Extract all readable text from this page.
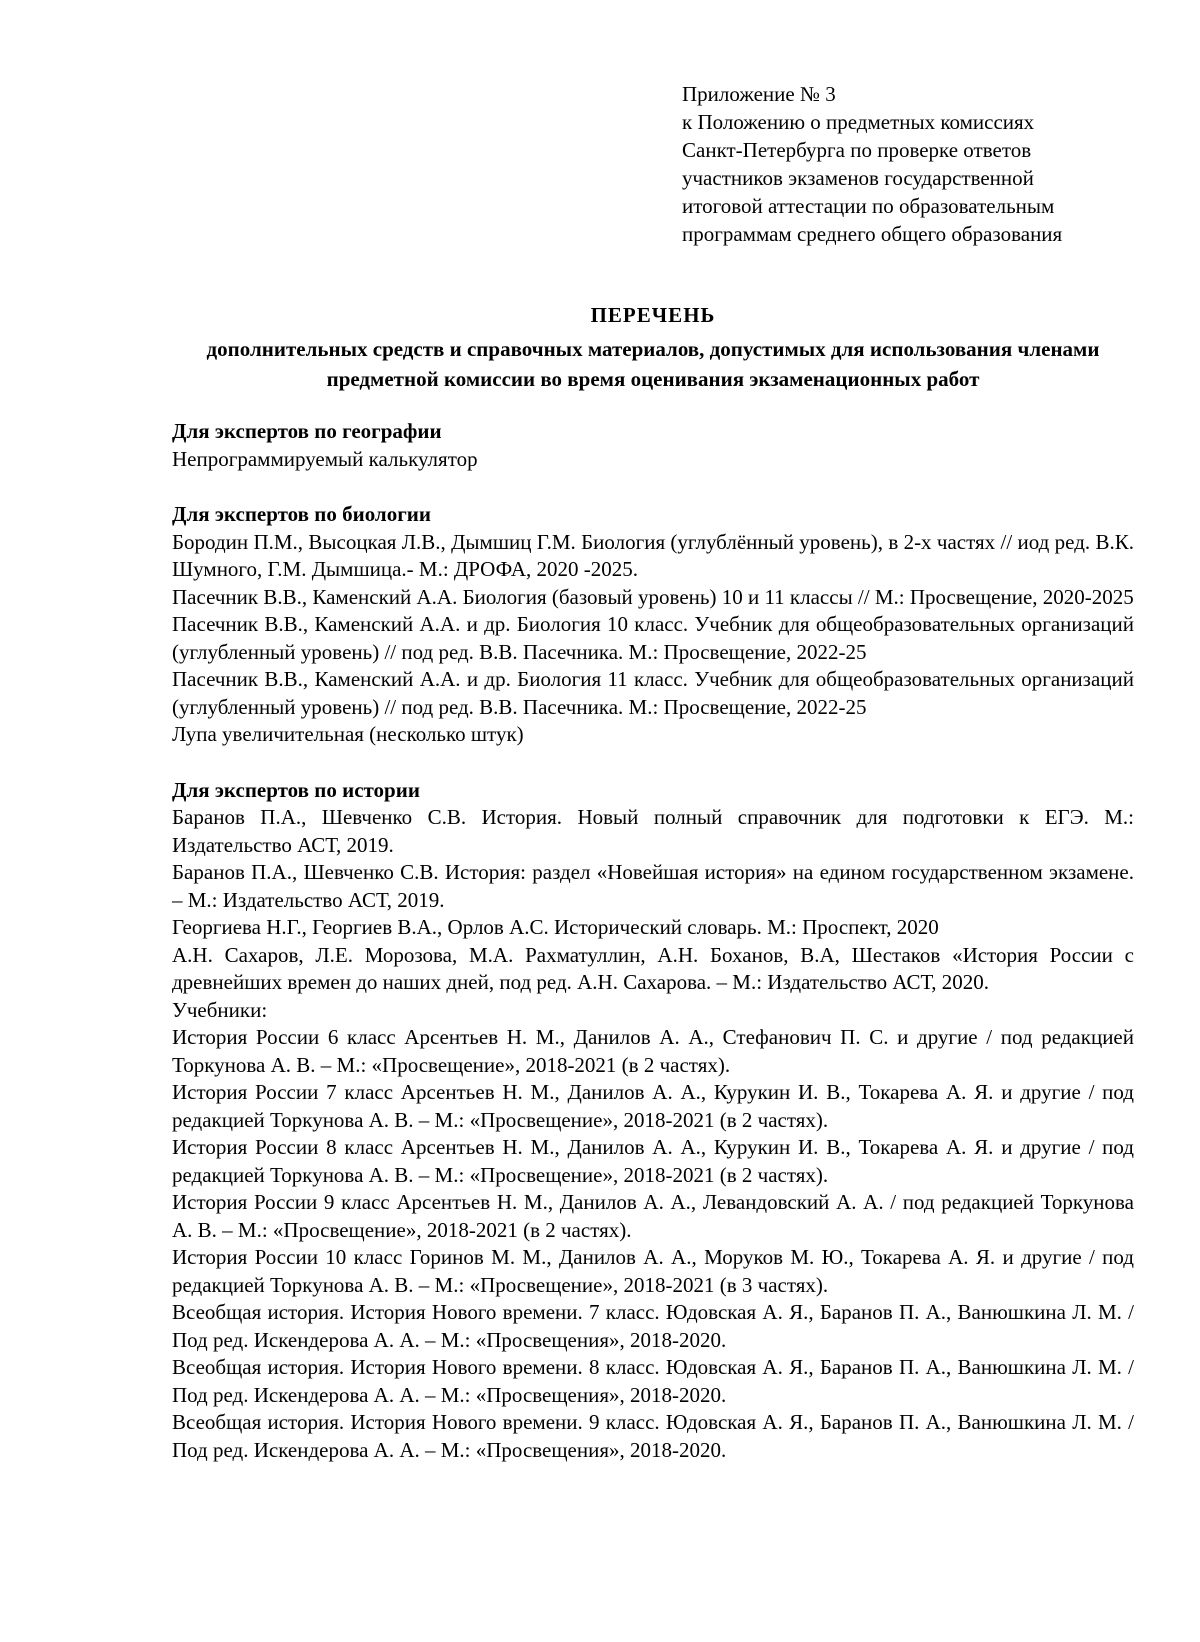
Приложение № 3
к Положению о предметных комиссиях
Санкт-Петербурга по проверке ответов
участников экзаменов государственной
итоговой аттестации по образовательным
программам среднего общего образования
ПЕРЕЧЕНЬ
дополнительных средств и справочных материалов, допустимых для использования членами предметной комиссии во время оценивания экзаменационных работ
Для экспертов по географии
Непрограммируемый калькулятор
Для экспертов по биологии
Бородин П.М., Высоцкая Л.В., Дымшиц Г.М. Биология (углублённый уровень), в 2-х частях // иод ред. В.К. Шумного, Г.М. Дымшица.- М.: ДРОФА, 2020 -2025.
Пасечник В.В., Каменский А.А. Биология (базовый уровень) 10 и 11 классы // М.: Просвещение, 2020-2025
Пасечник В.В., Каменский А.А. и др. Биология 10 класс. Учебник для общеобразовательных организаций (углубленный уровень) // под ред. В.В. Пасечника. М.: Просвещение, 2022-25
Пасечник В.В., Каменский А.А. и др. Биология 11 класс. Учебник для общеобразовательных организаций (углубленный уровень) // под ред. В.В. Пасечника. М.: Просвещение, 2022-25
Лупа увеличительная (несколько штук)
Для экспертов по истории
Баранов П.А., Шевченко С.В. История. Новый полный справочник для подготовки к ЕГЭ. М.: Издательство АСТ, 2019.
Баранов П.А., Шевченко С.В. История: раздел «Новейшая история» на едином государственном экзамене. – М.: Издательство АСТ, 2019.
Георгиева Н.Г., Георгиев В.А., Орлов А.С. Исторический словарь. М.: Проспект, 2020
А.Н. Сахаров, Л.Е. Морозова, М.А. Рахматуллин, А.Н. Боханов, В.А, Шестаков «История России с древнейших времен до наших дней, под ред. А.Н. Сахарова. – М.: Издательство АСТ, 2020.
Учебники:
История России 6 класс Арсентьев Н. М., Данилов А. А., Стефанович П. С. и другие / под редакцией Торкунова А. В. – М.: «Просвещение», 2018-2021 (в 2 частях).
История России 7 класс Арсентьев Н. М., Данилов А. А., Курукин И. В., Токарева А. Я. и другие / под редакцией Торкунова А. В. – М.: «Просвещение», 2018-2021 (в 2 частях).
История России 8 класс Арсентьев Н. М., Данилов А. А., Курукин И. В., Токарева А. Я. и другие / под редакцией Торкунова А. В. – М.: «Просвещение», 2018-2021 (в 2 частях).
История России 9 класс Арсентьев Н. М., Данилов А. А., Левандовский А. А. / под редакцией Торкунова А. В. – М.: «Просвещение», 2018-2021 (в 2 частях).
История России 10 класс Горинов М. М., Данилов А. А., Моруков М. Ю., Токарева А. Я. и другие / под редакцией Торкунова А. В. – М.: «Просвещение», 2018-2021 (в 3 частях).
Всеобщая история. История Нового времени. 7 класс. Юдовская А. Я., Баранов П. А., Ванюшкина Л. М. / Под ред. Искендерова А. А. – М.: «Просвещения», 2018-2020.
Всеобщая история. История Нового времени. 8 класс. Юдовская А. Я., Баранов П. А., Ванюшкина Л. М. / Под ред. Искендерова А. А. – М.: «Просвещения», 2018-2020.
Всеобщая история. История Нового времени. 9 класс. Юдовская А. Я., Баранов П. А., Ванюшкина Л. М. / Под ред. Искендерова А. А. – М.: «Просвещения», 2018-2020.
